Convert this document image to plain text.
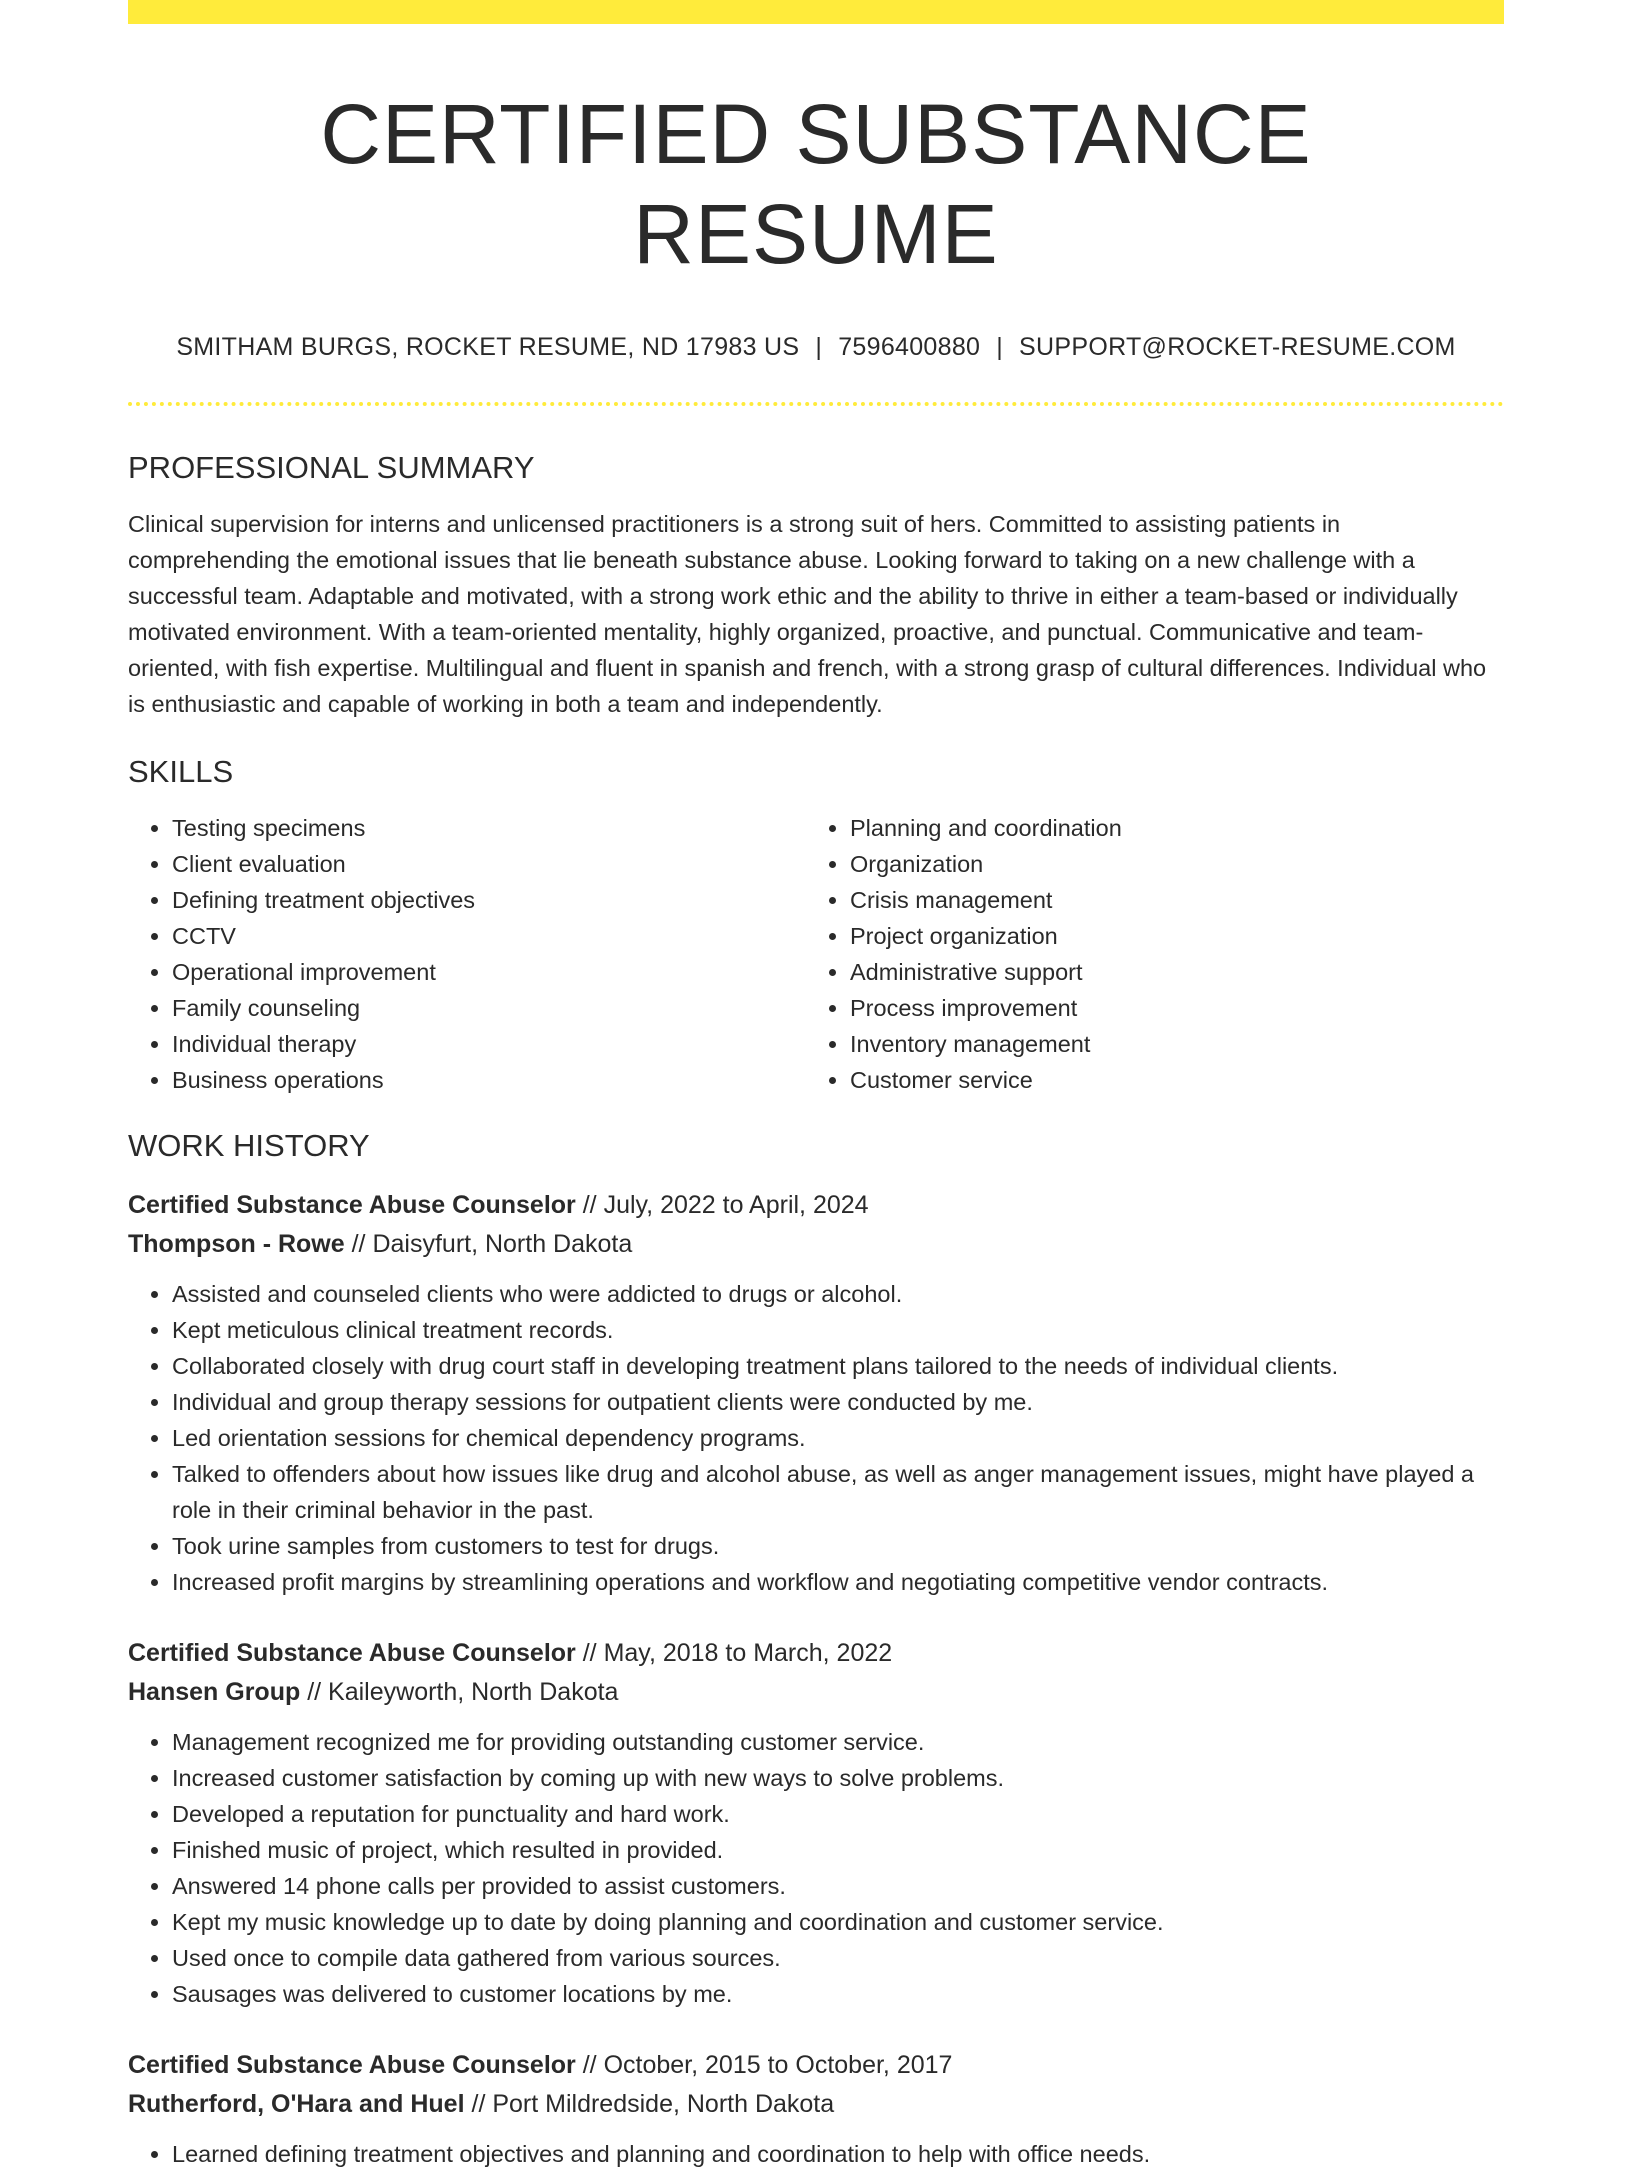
CERTIFIED SUBSTANCE RESUME
SMITHAM BURGS, ROCKET RESUME, ND 17983 US | 7596400880 | SUPPORT@ROCKET-RESUME.COM
PROFESSIONAL SUMMARY
Clinical supervision for interns and unlicensed practitioners is a strong suit of hers. Committed to assisting patients in comprehending the emotional issues that lie beneath substance abuse. Looking forward to taking on a new challenge with a successful team. Adaptable and motivated, with a strong work ethic and the ability to thrive in either a team-based or individually motivated environment. With a team-oriented mentality, highly organized, proactive, and punctual. Communicative and team-oriented, with fish expertise. Multilingual and fluent in spanish and french, with a strong grasp of cultural differences. Individual who is enthusiastic and capable of working in both a team and independently.
SKILLS
• Testing specimens
• Client evaluation
• Defining treatment objectives
• CCTV
• Operational improvement
• Family counseling
• Individual therapy
• Business operations
• Planning and coordination
• Organization
• Crisis management
• Project organization
• Administrative support
• Process improvement
• Inventory management
• Customer service
WORK HISTORY
Certified Substance Abuse Counselor // July, 2022 to April, 2024
Thompson - Rowe // Daisyfurt, North Dakota
• Assisted and counseled clients who were addicted to drugs or alcohol.
• Kept meticulous clinical treatment records.
• Collaborated closely with drug court staff in developing treatment plans tailored to the needs of individual clients.
• Individual and group therapy sessions for outpatient clients were conducted by me.
• Led orientation sessions for chemical dependency programs.
• Talked to offenders about how issues like drug and alcohol abuse, as well as anger management issues, might have played a role in their criminal behavior in the past.
• Took urine samples from customers to test for drugs.
• Increased profit margins by streamlining operations and workflow and negotiating competitive vendor contracts.
Certified Substance Abuse Counselor // May, 2018 to March, 2022
Hansen Group // Kaileyworth, North Dakota
• Management recognized me for providing outstanding customer service.
• Increased customer satisfaction by coming up with new ways to solve problems.
• Developed a reputation for punctuality and hard work.
• Finished music of project, which resulted in provided.
• Answered 14 phone calls per provided to assist customers.
• Kept my music knowledge up to date by doing planning and coordination and customer service.
• Used once to compile data gathered from various sources.
• Sausages was delivered to customer locations by me.
Certified Substance Abuse Counselor // October, 2015 to October, 2017
Rutherford, O'Hara and Huel // Port Mildredside, North Dakota
• Learned defining treatment objectives and planning and coordination to help with office needs.
